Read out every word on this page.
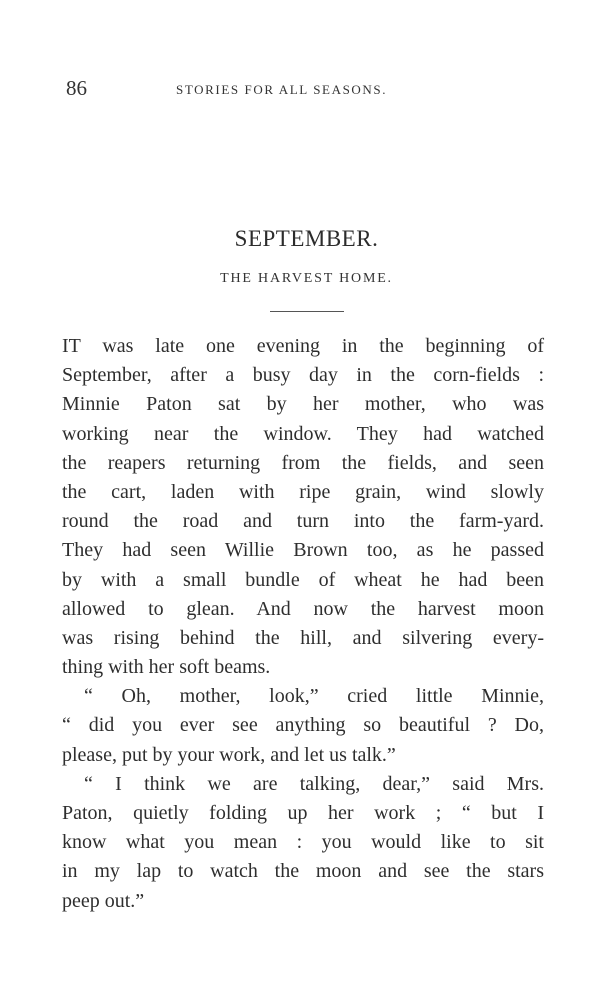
86	STORIES FOR ALL SEASONS.
SEPTEMBER.
THE HARVEST HOME.
IT was late one evening in the beginning of
September, after a busy day in the corn-fields :
Minnie Paton sat by her mother, who was
working near the window. They had watched
the reapers returning from the fields, and seen
the cart, laden with ripe grain, wind slowly
round the road and turn into the farm-yard.
They had seen Willie Brown too, as he passed
by with a small bundle of wheat he had been
allowed to glean. And now the harvest moon
was rising behind the hill, and silvering every-
thing with her soft beams.
“ Oh, mother, look,” cried little Minnie,
“ did you ever see anything so beautiful ? Do,
please, put by your work, and let us talk.”
“ I think we are talking, dear,” said Mrs.
Paton, quietly folding up her work ; “ but I
know what you mean : you would like to sit
in my lap to watch the moon and see the stars
peep out.”
